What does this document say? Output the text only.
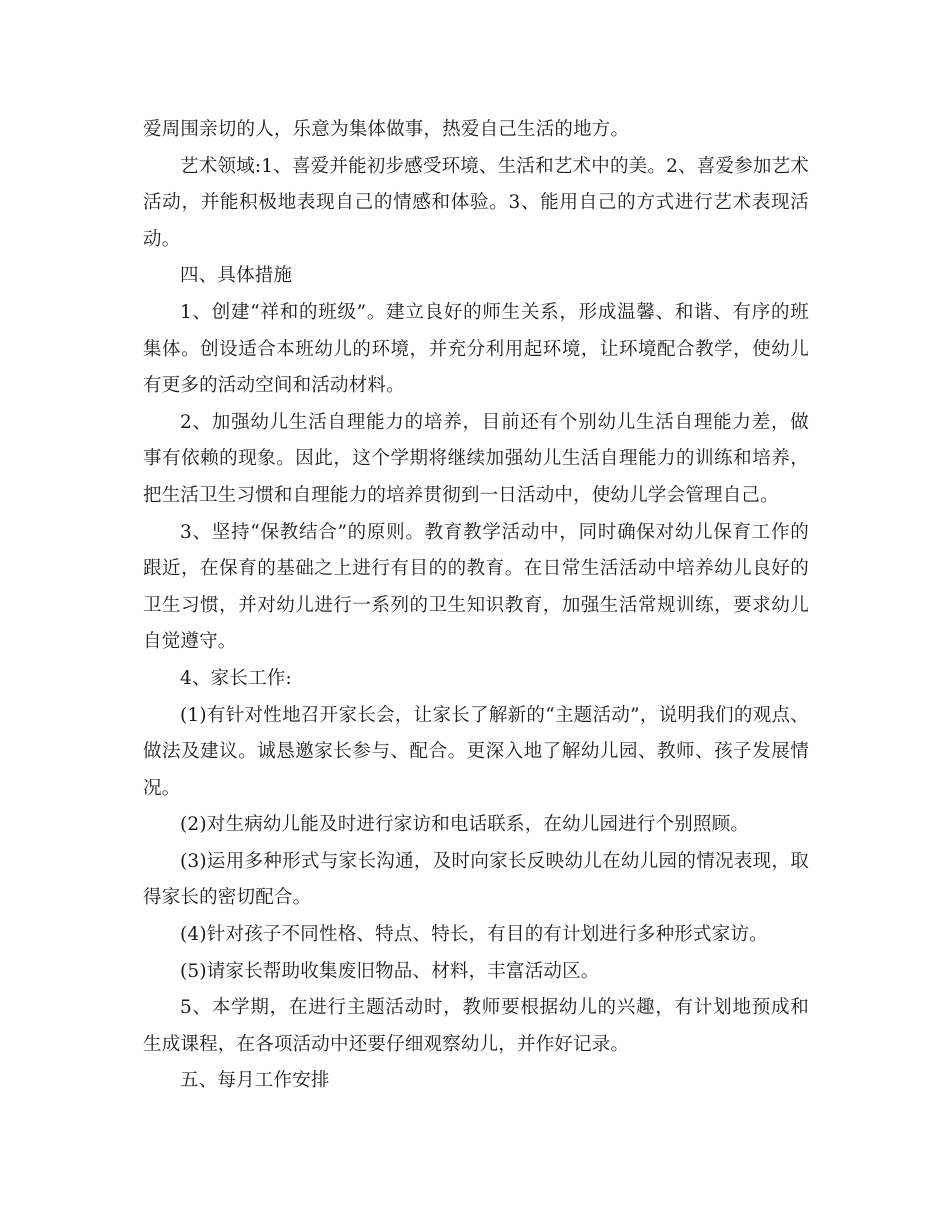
爱周围亲切的人，乐意为集体做事，热爱自己生活的地方。

艺术领域:1、喜爱并能初步感受环境、生活和艺术中的美。2、喜爱参加艺术活动，并能积极地表现自己的情感和体验。3、能用自己的方式进行艺术表现活动。

四、具体措施

1、创建“祥和的班级”。建立良好的师生关系，形成温馨、和谐、有序的班集体。创设适合本班幼儿的环境，并充分利用起环境，让环境配合教学，使幼儿有更多的活动空间和活动材料。

2、加强幼儿生活自理能力的培养，目前还有个别幼儿生活自理能力差，做事有依赖的现象。因此，这个学期将继续加强幼儿生活自理能力的训练和培养，把生活卫生习惯和自理能力的培养贯彻到一日活动中，使幼儿学会管理自己。

3、坚持“保教结合”的原则。教育教学活动中，同时确保对幼儿保育工作的跟近，在保育的基础之上进行有目的的教育。在日常生活活动中培养幼儿良好的卫生习惯，并对幼儿进行一系列的卫生知识教育，加强生活常规训练，要求幼儿自觉遵守。

4、家长工作:

(1)有针对性地召开家长会，让家长了解新的“主题活动”，说明我们的观点、做法及建议。诚恳邀家长参与、配合。更深入地了解幼儿园、教师、孩子发展情况。

(2)对生病幼儿能及时进行家访和电话联系，在幼儿园进行个别照顾。

(3)运用多种形式与家长沟通，及时向家长反映幼儿在幼儿园的情况表现，取得家长的密切配合。

(4)针对孩子不同性格、特点、特长，有目的有计划进行多种形式家访。

(5)请家长帮助收集废旧物品、材料，丰富活动区。

5、本学期，在进行主题活动时，教师要根据幼儿的兴趣，有计划地预成和生成课程，在各项活动中还要仔细观察幼儿，并作好记录。

五、每月工作安排
